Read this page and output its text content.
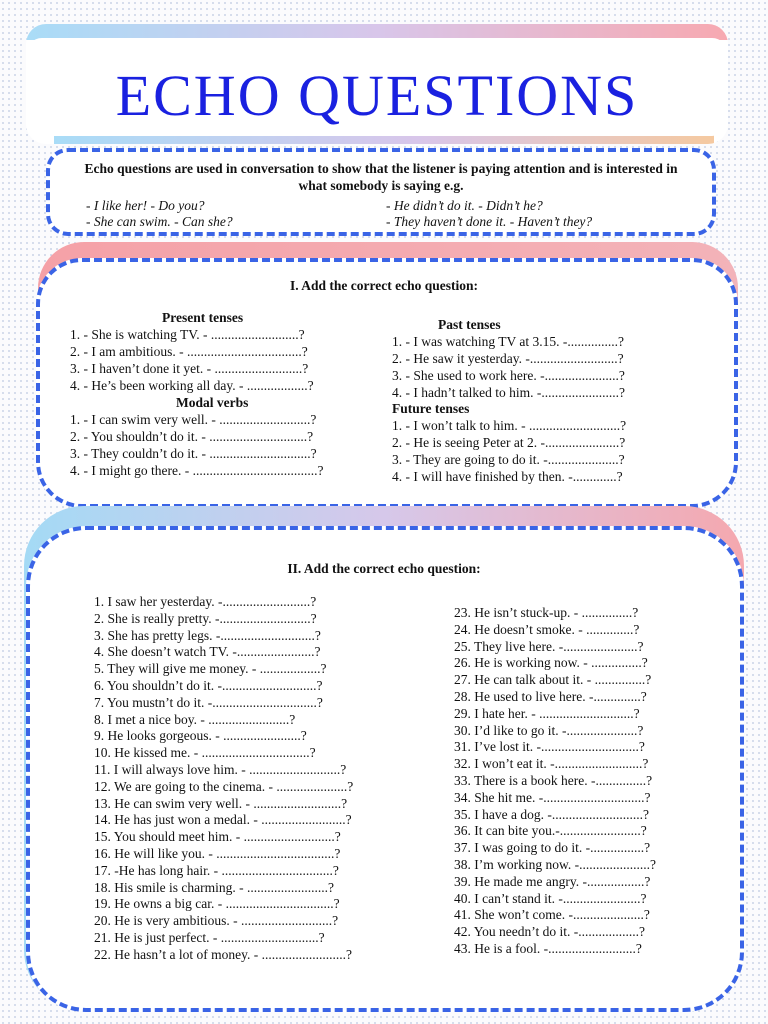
ECHO QUESTIONS
Echo questions are used in conversation to show that the listener is paying attention and is interested in what somebody is saying e.g.
- I like her! - Do you?
- She can swim. - Can she?
- He didn’t do it. - Didn’t he?
- They haven’t done it. - Haven’t they?
I. Add the correct echo question:
Present tenses
1. - She is watching TV. - ..........................?
2. - I am ambitious. - ..................................?
3. - I haven’t done it yet. - ..........................?
4. - He’s been working all day. - ..................?
Modal verbs
1. - I can swim very well. - ...........................?
2. - You shouldn’t do it. - .............................?
3. - They couldn’t do it. - ..............................?
4. - I might go there. - .....................................?
Past tenses
1. - I was watching TV at 3.15. -...............?
2. - He saw it yesterday. -..........................?
3. - She used to work here. -......................?
4. - I hadn’t talked to him. -.......................?
Future tenses
1. - I won’t talk to him. - ...........................?
2. - He is seeing Peter at 2. -......................?
3. - They are going to do it. -.....................?
4. - I will have finished by then. -.............?
II. Add the correct echo question:
1. I saw her yesterday. -..........................?
2. She is really pretty. -...........................?
3. She has pretty legs. -............................?
4. She doesn’t watch TV. -.......................?
5. They will give me money. - ..................?
6. You shouldn’t do it. -............................?
7. You mustn’t do it. -...............................?
8. I met a nice boy. - ........................?
9. He looks gorgeous. - .......................?
10. He kissed me. - ................................?
11. I will always love him. - ...........................?
12. We are going to the cinema. - .....................?
13. He can swim very well. - ..........................?
14. He has just won a medal. - .........................?
15. You should meet him. - ...........................?
16. He will like you. - ...................................?
17. -He has long hair. - .................................?
18. His smile is charming. - ........................?
19. He owns a big car. - ................................?
20. He is very ambitious. - ...........................?
21. He is just perfect. - .............................?
22. He hasn’t a lot of money. - .........................?
23. He isn’t stuck-up. - ...............?
24. He doesn’t smoke. - ..............?
25. They live here. -......................?
26. He is working now. - ...............?
27. He can talk about it. - ...............?
28. He used to live here. -..............?
29. I hate her. - ............................?
30. I’d like to go it. -.....................?
31. I’ve lost it. -.............................?
32. I won’t eat it. -..........................?
33. There is a book here. -...............?
34. She hit me. -..............................?
35. I have a dog. -...........................?
36. It can bite you.-........................?
37. I was going to do it. -................?
38. I’m working now. -.....................?
39. He made me angry. -.................?
40. I can’t stand it. -.......................?
41. She won’t come. -.....................?
42. You needn’t do it. -..................?
43. He is a fool. -..........................?
